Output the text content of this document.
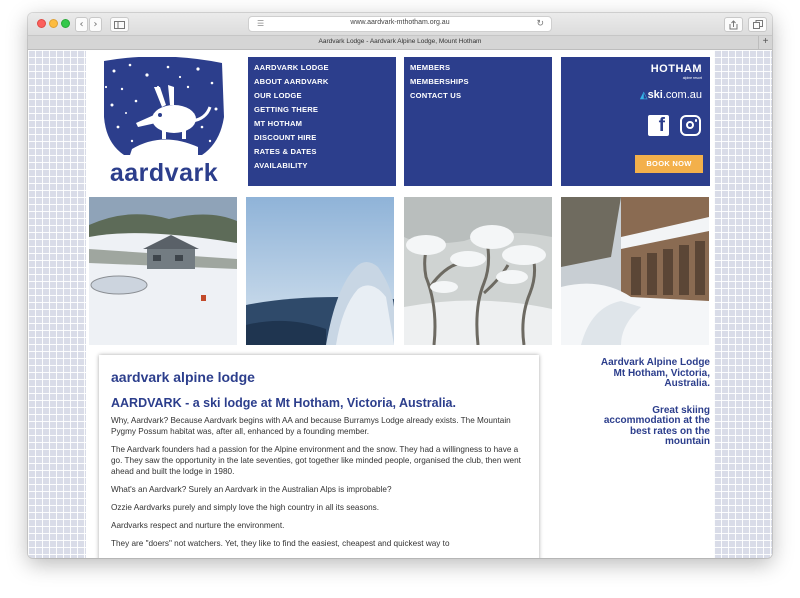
‹	›	☰	www.aardvark-mthotham.org.au	↻
Aardvark Lodge - Aardvark Alpine Lodge, Mount Hotham	+
aardvark
AARDVARK LODGE
ABOUT AARDVARK
OUR LODGE
GETTING THERE
MT HOTHAM
DISCOUNT HIRE
RATES & DATES
AVAILABILITY
MEMBERS
MEMBERSHIPS
CONTACT US
HOTHAM
alpine resort
◭ski.com.au
f
BOOK NOW
aardvark alpine lodge
AARDVARK - a ski lodge at Mt Hotham, Victoria, Australia.

Why, Aardvark? Because Aardvark begins with AA and because Burramys Lodge already exists. The Mountain Pygmy Possum habitat was, after all, enhanced by a founding member.

The Aardvark founders had a passion for the Alpine environment and the snow. They had a willingness to have a go. They saw the opportunity in the late seventies, got together like minded people, organised the club, then went ahead and built the lodge in 1980.

What's an Aardvark? Surely an Aardvark in the Australian Alps is improbable?

Ozzie Aardvarks purely and simply love the high country in all its seasons.

Aardvarks respect and nurture the environment.

They are "doers" not watchers. Yet, they like to find the easiest, cheapest and quickest way to

Aardvark Alpine Lodge
Mt Hotham, Victoria,
Australia.
Great skiing
accommodation at the
best rates on the
mountain
